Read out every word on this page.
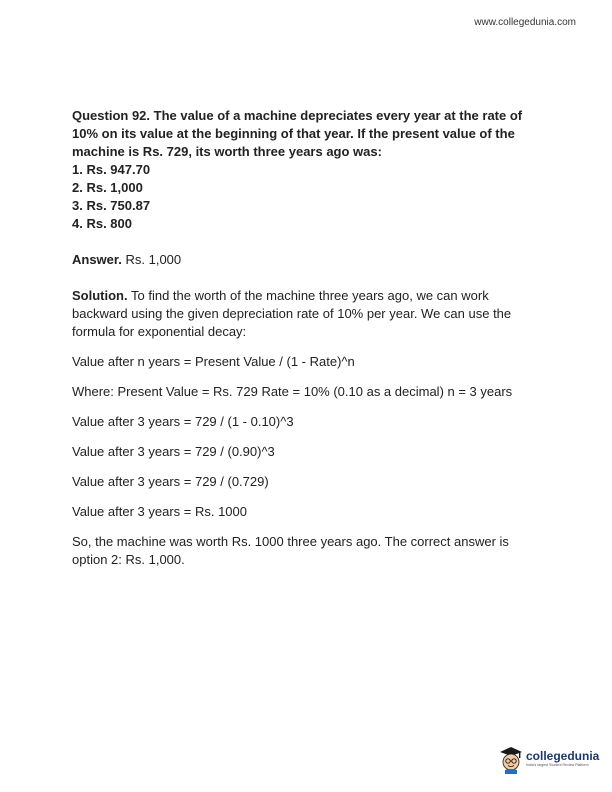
www.collegedunia.com

Question 92. The value of a machine depreciates every year at the rate of 10% on its value at the beginning of that year. If the present value of the machine is Rs. 729, its worth three years ago was:

1. Rs. 947.70
2. Rs. 1,000
3. Rs. 750.87
4. Rs. 800

Answer. Rs. 1,000

Solution. To find the worth of the machine three years ago, we can work backward using the given depreciation rate of 10% per year. We can use the formula for exponential decay:

Value after n years = Present Value / (1 - Rate)^n

Where: Present Value = Rs. 729 Rate = 10% (0.10 as a decimal) n = 3 years

Value after 3 years = 729 / (1 - 0.10)^3

Value after 3 years = 729 / (0.90)^3

Value after 3 years = 729 / (0.729)

Value after 3 years = Rs. 1000

So, the machine was worth Rs. 1000 three years ago. The correct answer is option 2: Rs. 1,000.

collegedunia
India's largest Student Review Platform
